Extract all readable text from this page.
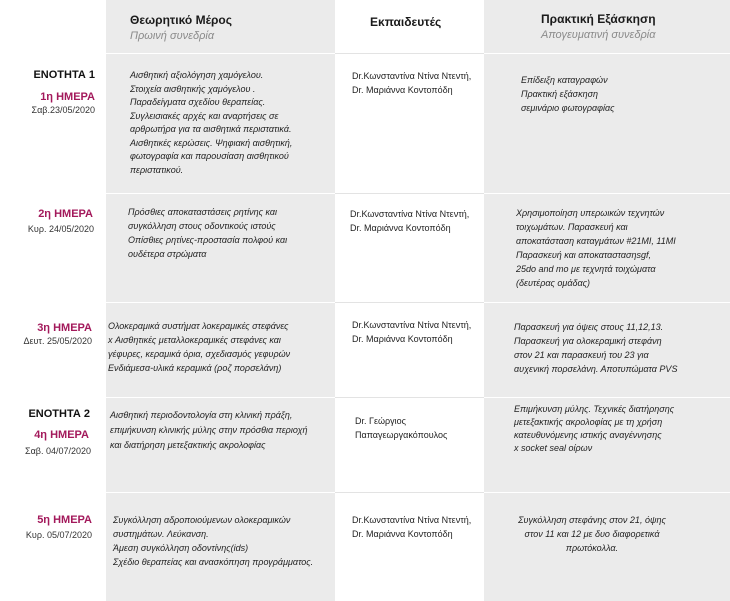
Θεωρητικό Μέρος
Πρωινή συνεδρία
Εκπαιδευτές	Πρακτική Εξάσκηση
Απογευματινή συνεδρία
ΕΝΟΤΗΤΑ 1
1η ΗΜΕΡΑ
Σαβ.23/05/2020
Αισθητική αξιολόγηση χαμόγελου.
Στοιχεία αισθητικής χαμόγελου .
Παραδείγματα σχεδίου θεραπείας.
Συγλεισιακές αρχές και αναρτήσεις σε
αρθρωτήρα για τα αισθητικά περιστατικά.
Αισθητικές κερώσεις. Ψηφιακή αισθητική,
φωτογραφία και παρουσίαση αισθητικού
περιστατικού.
Dr.Κωνσταντίνα Ντίνα Ντεντή,
Dr. Μαριάννα Κοντοπόδη
Επίδειξη καταγραφών
Πρακτική εξάσκηση
σεμινάριο φωτογραφίας
2η ΗΜΕΡΑ
Κυρ. 24/05/2020
Πρόσθιες αποκαταστάσεις ρητίνης και
συγκόλληση στους οδοντικούς ιστούς
Οπίσθιες ρητίνες-προστασία πολφού και
ουδέτερα στρώματα
Dr.Κωνσταντίνα Ντίνα Ντεντή,
Dr. Μαριάννα Κοντοπόδη
Χρησιμοποίηση υπερωικών τεχνητών
τοιχωμάτων. Παρασκευή και
αποκατάσταση καταγμάτων #21MI, 11MI
Παρασκευή και αποκαταστασηsgf,
25do and mo με τεχνητά τοιχώματα
(δευτέρας ομάδας)
3η ΗΜΕΡΑ
Δευτ. 25/05/2020
Ολοκεραμικά συστήματ λοκεραμικές στεφάνες
x Αισθητικές μεταλλοκεραμικές στεφάνες και
γέφυρες, κεραμικά όρια, σχεδιασμός γεφυρών
Ενδιάμεσα-υλικά κεραμικά (ροζ πορσελάνη)
Dr.Κωνσταντίνα Ντίνα Ντεντή,
Dr. Μαριάννα Κοντοπόδη
Παρασκευή για όψεις στους 11,12,13.
Παρασκευή για ολοκεραμική στεφάνη
στον 21 και παρασκευή του 23 για
αυχενική πορσελάνη. Αποτυπώματα PVS
ΕΝΟΤΗΤΑ 2
4η ΗΜΕΡΑ
Σαβ. 04/07/2020
Αισθητική περιοδοντολογία στη κλινική πράξη,
επιμήκυνση κλινικής μύλης στην πρόσθια περιοχή
και διατήρηση μετεξακτικής ακρολοφίας
Dr. Γεώργιος
Παπαγεωργακόπουλος
Επιμήκυνση μύλης. Τεχνικές διατήρησης
μετεξακτικής ακρολοφίας με τη χρήση
κατευθυνόμενης ιστικής αναγέννησης
x socket seal οίρων
5η ΗΜΕΡΑ
Κυρ. 05/07/2020
Συγκόλληση αδροποιούμενων ολοκεραμικών
συστημάτων. Λεύκανση.
Άμεση συγκόλληση οδοντίνης(ids)
Σχέδιο θεραπείας και ανασκόπηση προγράμματος.
Dr.Κωνσταντίνα Ντίνα Ντεντή,
Dr. Μαριάννα Κοντοπόδη
Συγκόλληση στεφάνης στον 21, όψης
στον 11 και 12 με δυο διαφορετικά
πρωτόκολλα.
